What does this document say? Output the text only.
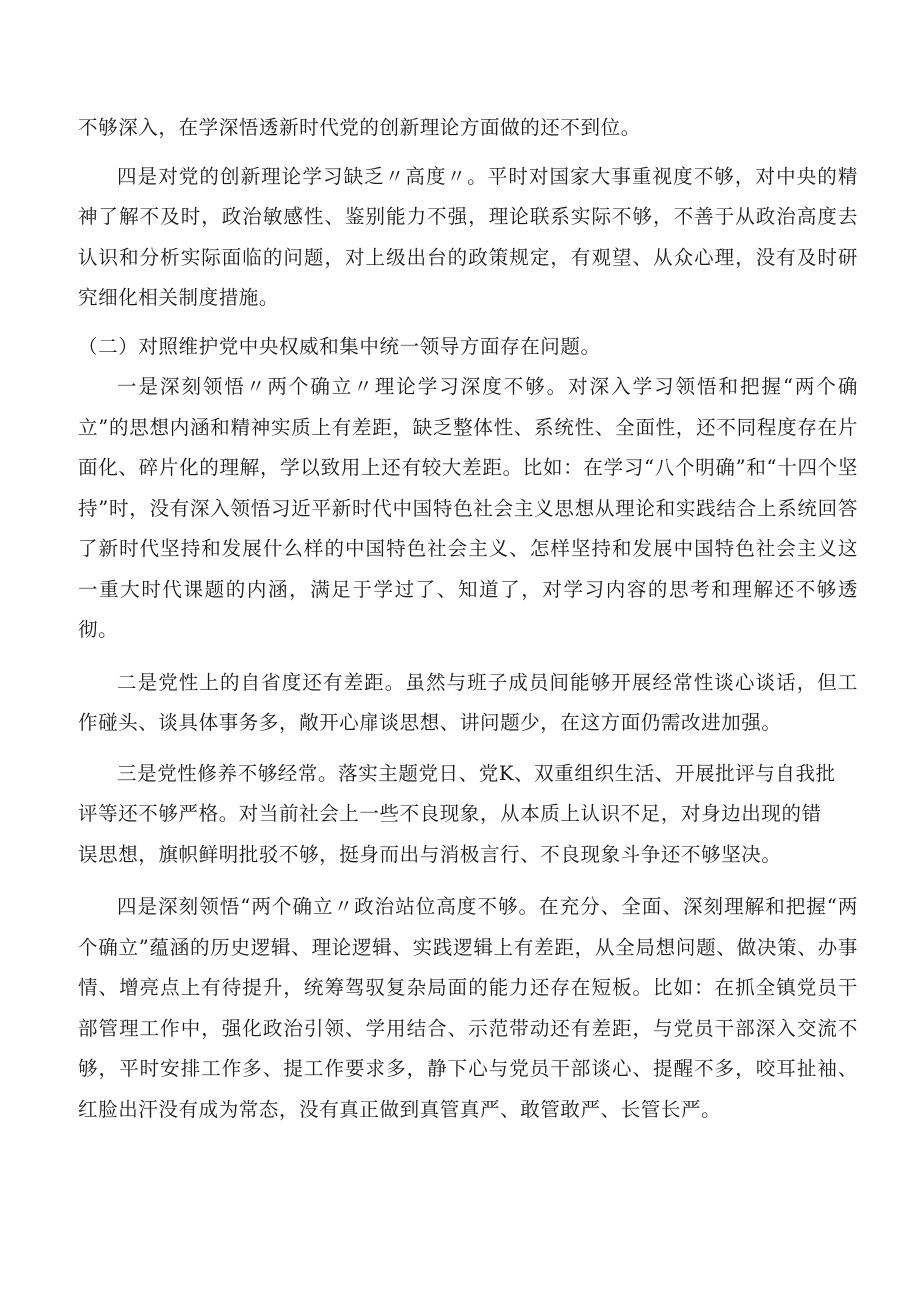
不够深入，在学深悟透新时代党的创新理论方面做的还不到位。

四是对党的创新理论学习缺乏〃高度〃。平时对国家大事重视度不够，对中央的精神了解不及时，政治敏感性、鉴别能力不强，理论联系实际不够，不善于从政治高度去认识和分析实际面临的问题，对上级出台的政策规定，有观望、从众心理，没有及时研究细化相关制度措施。

（二）对照维护党中央权威和集中统一领导方面存在问题。

一是深刻领悟〃两个确立〃理论学习深度不够。对深入学习领悟和把握“两个确立”的思想内涵和精神实质上有差距，缺乏整体性、系统性、全面性，还不同程度存在片面化、碎片化的理解，学以致用上还有较大差距。比如：在学习“八个明确”和“十四个坚持”时，没有深入领悟习近平新时代中国特色社会主义思想从理论和实践结合上系统回答了新时代坚持和发展什么样的中国特色社会主义、怎样坚持和发展中国特色社会主义这一重大时代课题的内涵，满足于学过了、知道了，对学习内容的思考和理解还不够透彻。

二是党性上的自省度还有差距。虽然与班子成员间能够开展经常性谈心谈话，但工作碰头、谈具体事务多，敞开心扉谈思想、讲问题少，在这方面仍需改进加强。

三是党性修养不够经常。落实主题党日、党K、双重组织生活、开展批评与自我批评等还不够严格。对当前社会上一些不良现象，从本质上认识不足，对身边出现的错误思想，旗帜鲜明批驳不够，挺身而出与消极言行、不良现象斗争还不够坚决。

四是深刻领悟“两个确立〃政治站位高度不够。在充分、全面、深刻理解和把握“两个确立”蕴涵的历史逻辑、理论逻辑、实践逻辑上有差距，从全局想问题、做决策、办事情、增亮点上有待提升，统筹驾驭复杂局面的能力还存在短板。比如：在抓全镇党员干部管理工作中，强化政治引领、学用结合、示范带动还有差距，与党员干部深入交流不够，平时安排工作多、提工作要求多，静下心与党员干部谈心、提醒不多，咬耳扯袖、红脸出汗没有成为常态，没有真正做到真管真严、敢管敢严、长管长严。
